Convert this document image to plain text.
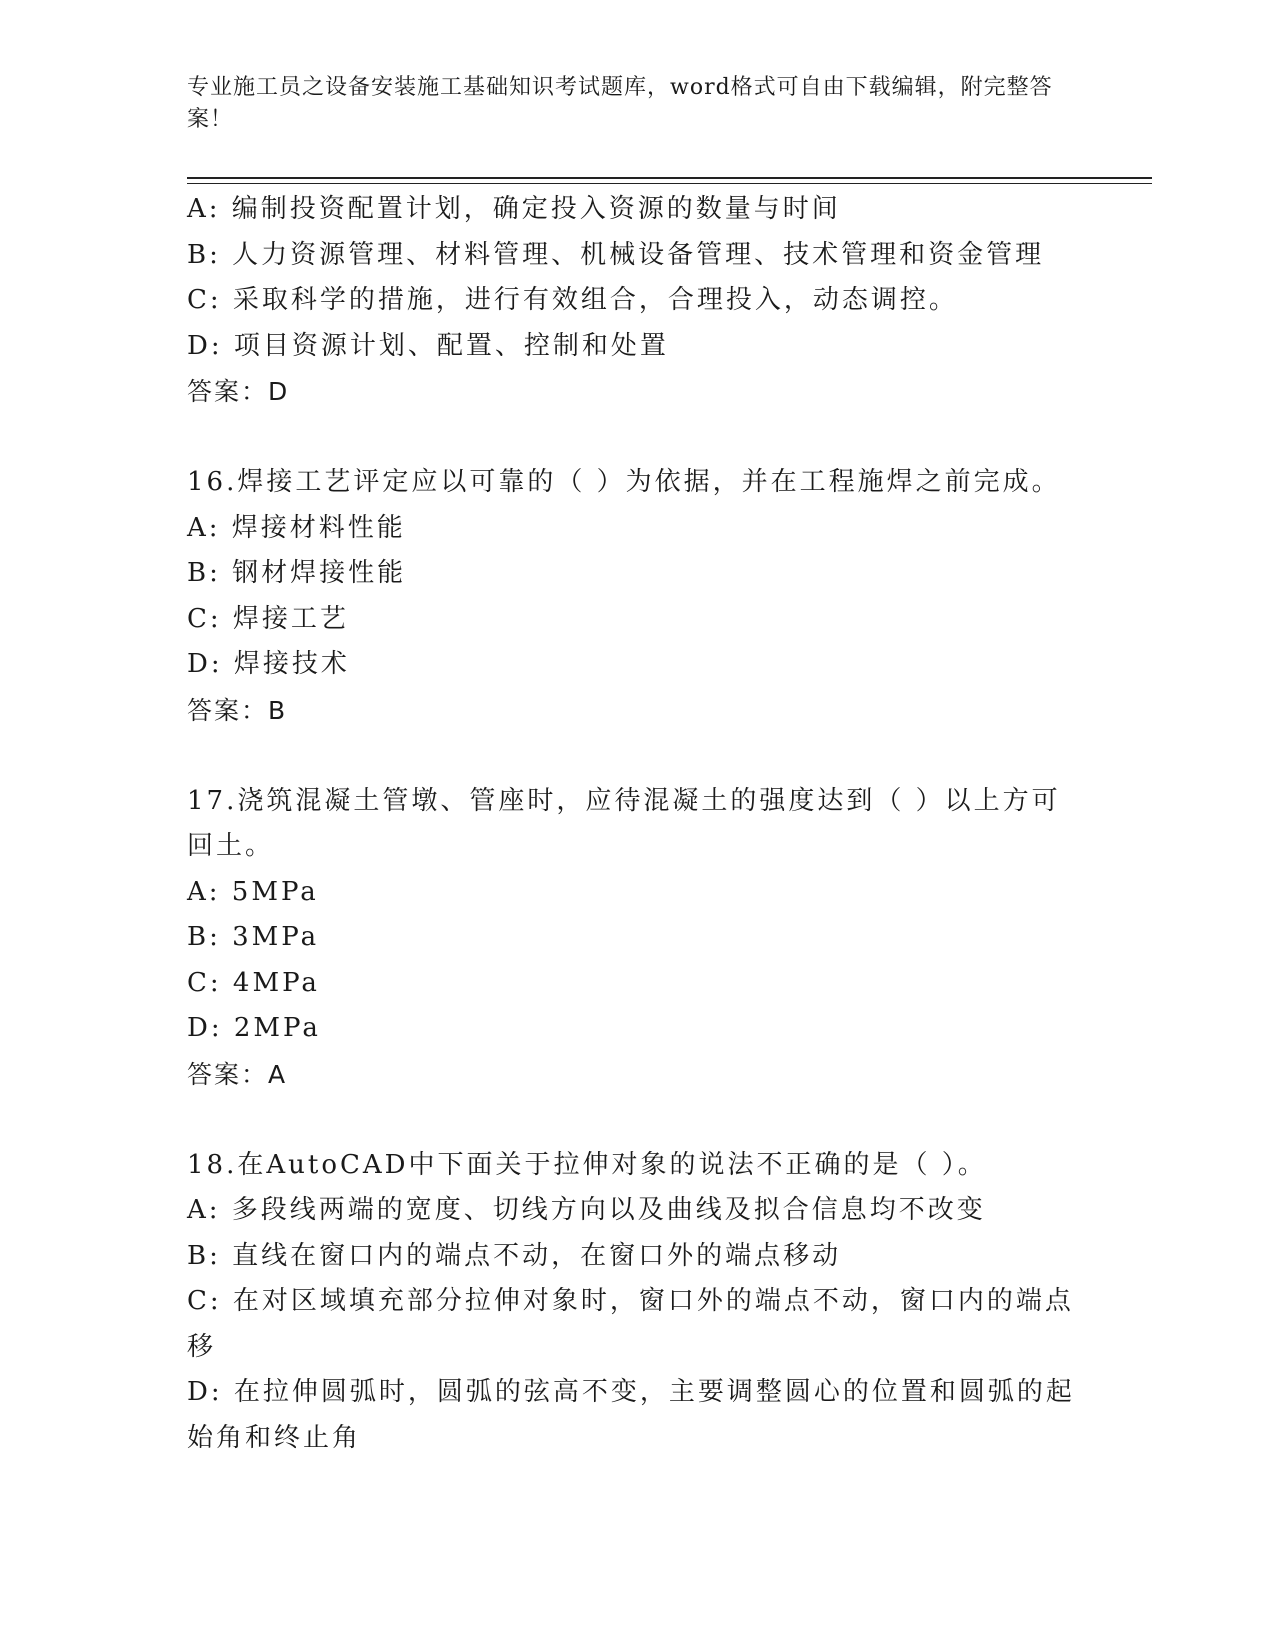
专业施工员之设备安装施工基础知识考试题库，word格式可自由下载编辑，附完整答案！
A: 编制投资配置计划，确定投入资源的数量与时间
B: 人力资源管理、材料管理、机械设备管理、技术管理和资金管理
C: 采取科学的措施，进行有效组合，合理投入，动态调控。
D: 项目资源计划、配置、控制和处置
答案：D
16.焊接工艺评定应以可靠的（ ）为依据，并在工程施焊之前完成。
A: 焊接材料性能
B: 钢材焊接性能
C: 焊接工艺
D: 焊接技术
答案：B
17.浇筑混凝土管墩、管座时，应待混凝土的强度达到（ ）以上方可回土。
A: 5MPa
B: 3MPa
C: 4MPa
D: 2MPa
答案：A
18.在AutoCAD中下面关于拉伸对象的说法不正确的是（ ）。
A: 多段线两端的宽度、切线方向以及曲线及拟合信息均不改变
B: 直线在窗口内的端点不动，在窗口外的端点移动
C: 在对区域填充部分拉伸对象时，窗口外的端点不动，窗口内的端点移
D: 在拉伸圆弧时，圆弧的弦高不变，主要调整圆心的位置和圆弧的起始角和终止角
